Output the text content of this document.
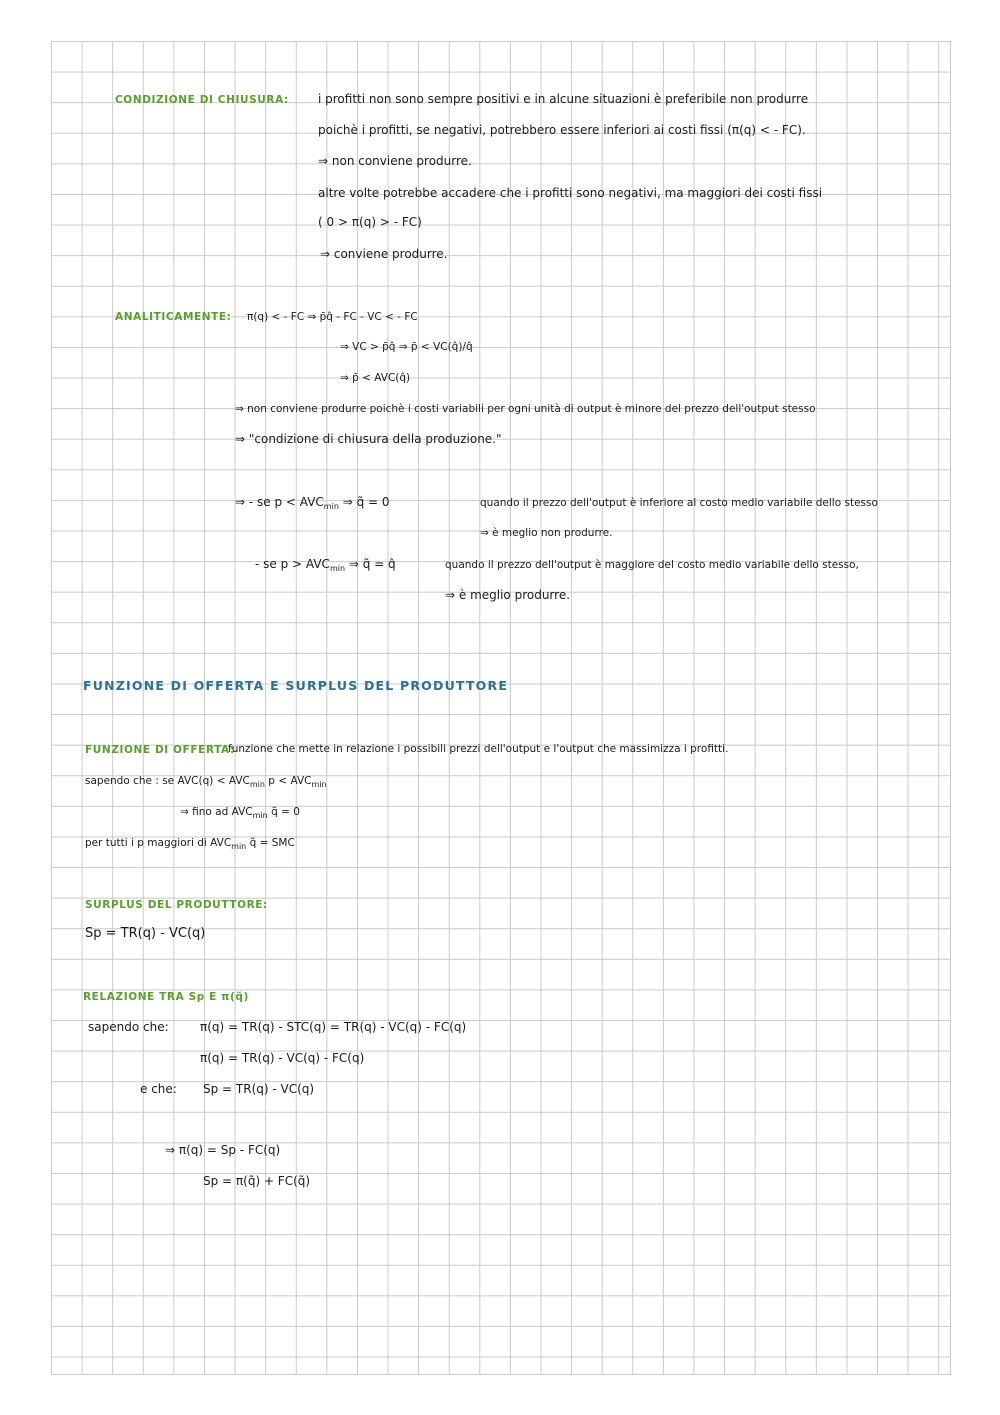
CONDIZIONE DI CHIUSURA: i profitti non sono sempre positivi e in alcune situazioni è preferibile non produrre
poichè i profitti, se negativi, potrebbero essere inferiori ai costi fissi (π(q) < - FC).
⇒ non conviene produrre.
altre volte potrebbe accadere che i profitti sono negativi, ma maggiori dei costi fissi
( 0 > π(q) > - FC)
⇒ conviene produrre.
ANALITICAMENTE: π(q) < - FC ⇒ p̄q̂ - FC - VC < - FC
⇒ VC > p̄q̂ ⇒ p̄ < VC(q̂)/q̂
⇒ p̄ < AVC(q̂)
⇒ non conviene produrre poichè i costi variabili per ogni unità di output è minore del prezzo dell'output stesso
⇒ "condizione di chiusura della produzione."
⇒ - se $p < AVC_{min}$ ⇒ q̃ = 0	quando il prezzo dell'output è inferiore al costo medio variabile dello stesso
⇒ è meglio non produrre.
- se $p > AVC_{min}$ ⇒ q̃ = q̂	quando il prezzo dell'output è maggiore del costo medio variabile dello stesso,
⇒ è meglio produrre.
FUNZIONE DI OFFERTA E SURPLUS DEL PRODUTTORE
FUNZIONE DI OFFERTA:
funzione che mette in relazione i possibili prezzi dell'output e l'output che massimizza i profitti.
sapendo che : se $AVC(q) < AVC_{min}$ $p < AVC_{min}$
⇒ fino ad $AVC_{min}$ q̃ = 0
per tutti i p maggiori di $AVC_{min}$ q̃ = SMC
SURPLUS DEL PRODUTTORE:
Sp = TR(q) - VC(q)
RELAZIONE TRA Sp E π(q̃)
sapendo che:	π(q) = TR(q) - STC(q) = TR(q) - VC(q) - FC(q)
π(q) = TR(q) - VC(q) - FC(q)
e che: Sp = TR(q) - VC(q)
⇒ π(q) = Sp - FC(q)
Sp = π(q̃) + FC(q̃)
